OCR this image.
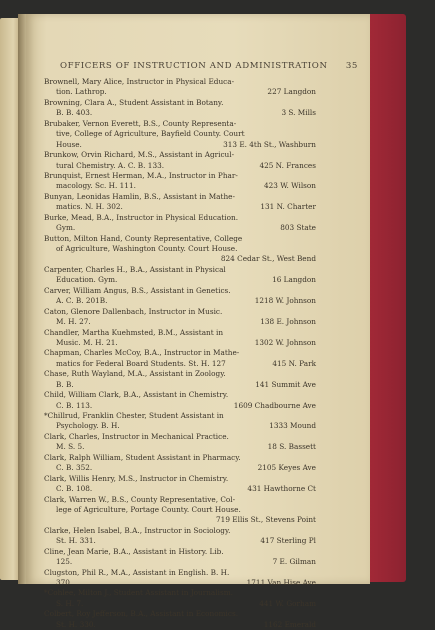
OFFICERS OF INSTRUCTION AND ADMINISTRATION 35
Brownell, Mary Alice, Instructor in Physical Educa-
tion. Lathrop.	227 Langdon
Browning, Clara A., Student Assistant in Botany.
B. B. 403.	3 S. Mills
Brubaker, Vernon Everett, B.S., County Representa-
tive, College of Agriculture, Bayfield County. Court
House.	313 E. 4th St., Washburn
Brunkow, Orvin Richard, M.S., Assistant in Agricul-
tural Chemistry. A. C. B. 133.	425 N. Frances
Brunquist, Ernest Herman, M.A., Instructor in Phar-
macology. Sc. H. 111.	423 W. Wilson
Bunyan, Leonidas Hamlin, B.S., Assistant in Mathe-
matics. N. H. 302.	131 N. Charter
Burke, Mead, B.A., Instructor in Physical Education.
Gym.	803 State
Button, Milton Hand, County Representative, College
of Agriculture, Washington County. Court House.
824 Cedar St., West Bend
Carpenter, Charles H., B.A., Assistant in Physical
Education. Gym.	16 Langdon
Carver, William Angus, B.S., Assistant in Genetics.
A. C. B. 201B.	1218 W. Johnson
Caton, Glenore Dallenbach, Instructor in Music.
M. H. 27.	138 E. Johnson
Chandler, Martha Kuehmsted, B.M., Assistant in
Music. M. H. 21.	1302 W. Johnson
Chapman, Charles McCoy, B.A., Instructor in Mathe-
matics for Federal Board Students. St. H. 127	415 N. Park
Chase, Ruth Wayland, M.A., Assistant in Zoology.
B. B.	141 Summit Ave
Child, William Clark, B.A., Assistant in Chemistry.
C. B. 113.	1609 Chadbourne Ave
*Chillrud, Franklin Chester, Student Assistant in
Psychology. B. H.	1333 Mound
Clark, Charles, Instructor in Mechanical Practice.
M. S. 5.	18 S. Bassett
Clark, Ralph William, Student Assistant in Pharmacy.
C. B. 352.	2105 Keyes Ave
Clark, Willis Henry, M.S., Instructor in Chemistry.
C. B. 108.	431 Hawthorne Ct
Clark, Warren W., B.S., County Representative, Col-
lege of Agriculture, Portage County. Court House.
719 Ellis St., Stevens Point
Clarke, Helen Isabel, B.A., Instructor in Sociology.
St. H. 331.	417 Sterling Pl
Cline, Jean Marie, B.A., Assistant in History. Lib.
125.	7 E. Gilman
Clugston, Phil R., M.A., Assistant in English. B. H.
370	1711 Van Hise Ave
*Cohlee, Milton J., Student Assistant in Journalism.
S. H. 7.	441 W. Gorham
Colbert, Roy Jefferson, B.A., Assistant in Economics.
St. H. 330.	1162 Emerald
